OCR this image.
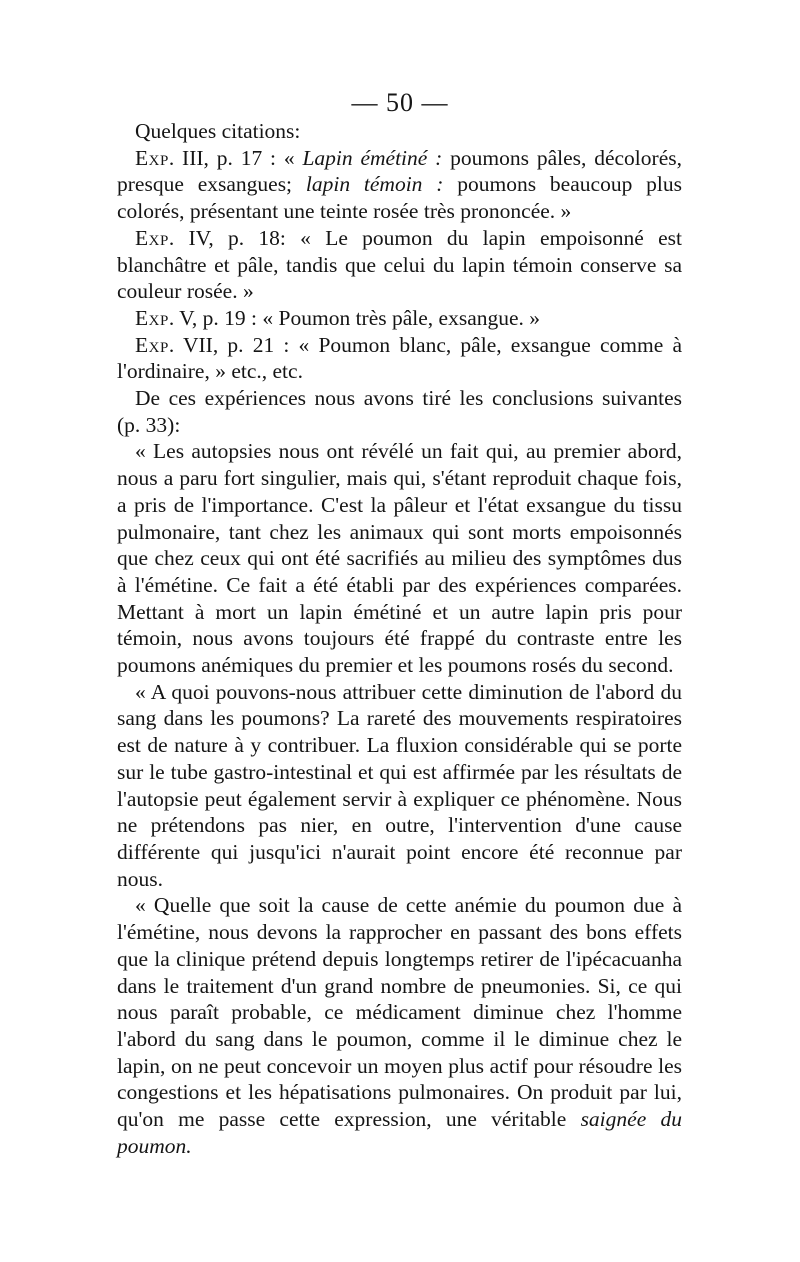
— 50 —

Quelques citations:

Exp. III, p. 17 : « Lapin émétiné : poumons pâles, décolorés, presque exsangues; lapin témoin : poumons beaucoup plus colorés, présentant une teinte rosée très prononcée. »

Exp. IV, p. 18: « Le poumon du lapin empoisonné est blanchâtre et pâle, tandis que celui du lapin témoin conserve sa couleur rosée. »

Exp. V, p. 19 : « Poumon très pâle, exsangue. »

Exp. VII, p. 21 : « Poumon blanc, pâle, exsangue comme à l'ordinaire, » etc., etc.

De ces expériences nous avons tiré les conclusions suivantes (p. 33):

« Les autopsies nous ont révélé un fait qui, au premier abord, nous a paru fort singulier, mais qui, s'étant reproduit chaque fois, a pris de l'importance. C'est la pâleur et l'état exsangue du tissu pulmonaire, tant chez les animaux qui sont morts empoisonnés que chez ceux qui ont été sacrifiés au milieu des symptômes dus à l'émétine. Ce fait a été établi par des expériences comparées. Mettant à mort un lapin émétiné et un autre lapin pris pour témoin, nous avons toujours été frappé du contraste entre les poumons anémiques du premier et les poumons rosés du second.

« A quoi pouvons-nous attribuer cette diminution de l'abord du sang dans les poumons? La rareté des mouvements respiratoires est de nature à y contribuer. La fluxion considérable qui se porte sur le tube gastro-intestinal et qui est affirmée par les résultats de l'autopsie peut également servir à expliquer ce phénomène. Nous ne prétendons pas nier, en outre, l'intervention d'une cause différente qui jusqu'ici n'aurait point encore été reconnue par nous.

« Quelle que soit la cause de cette anémie du poumon due à l'émétine, nous devons la rapprocher en passant des bons effets que la clinique prétend depuis longtemps retirer de l'ipécacuanha dans le traitement d'un grand nombre de pneumonies. Si, ce qui nous paraît probable, ce médicament diminue chez l'homme l'abord du sang dans le poumon, comme il le diminue chez le lapin, on ne peut concevoir un moyen plus actif pour résoudre les congestions et les hépatisations pulmonaires. On produit par lui, qu'on me passe cette expression, une véritable saignée du poumon.
